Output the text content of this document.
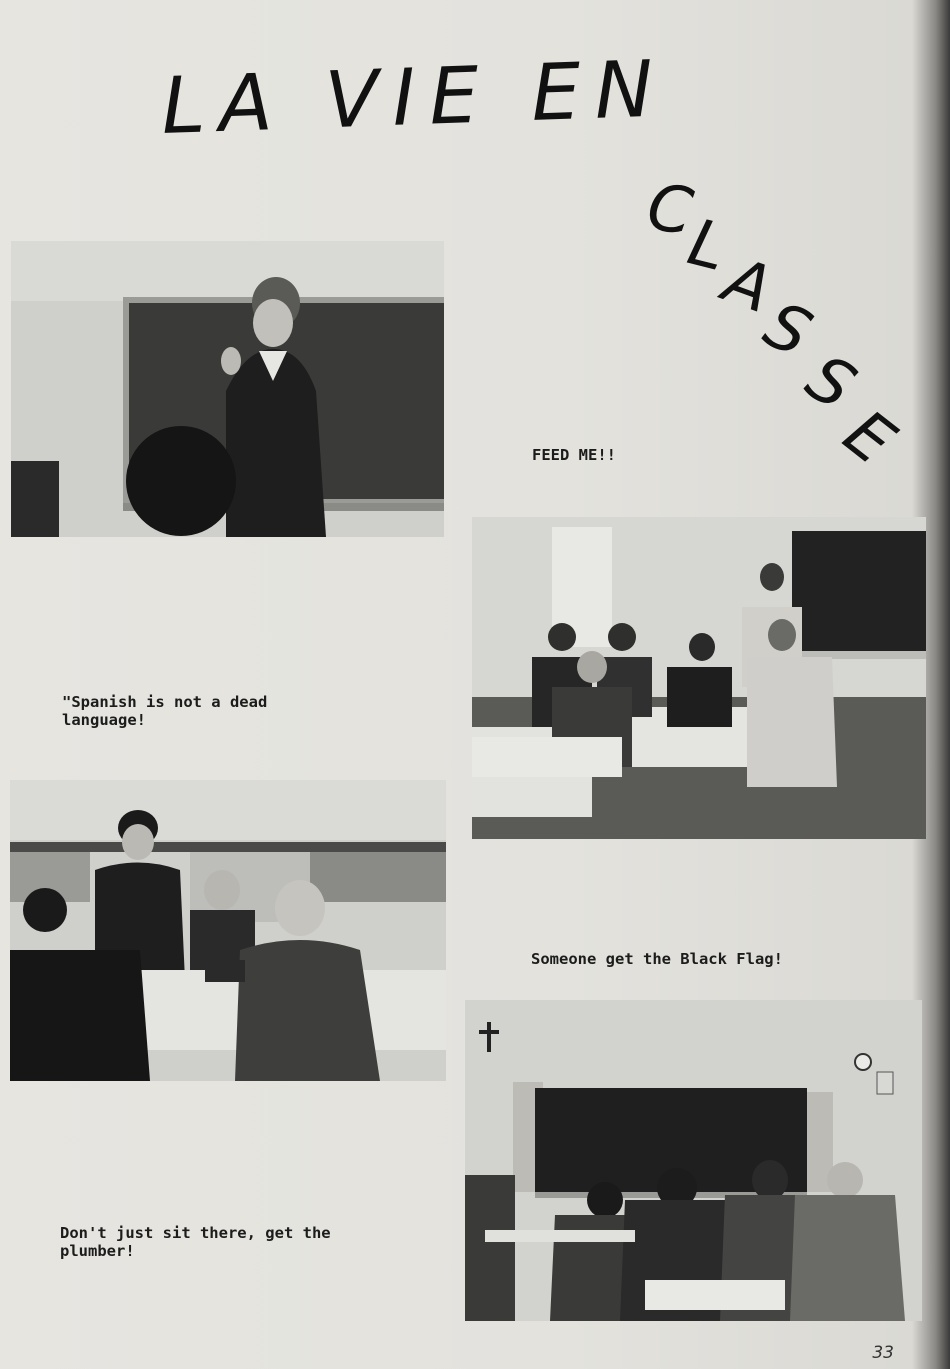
LA VIE EN
C
L
A
S
S
E
FEED ME!!
"Spanish is not a dead
language!
Someone get the Black Flag!
Don't just sit there, get the
plumber!
33
